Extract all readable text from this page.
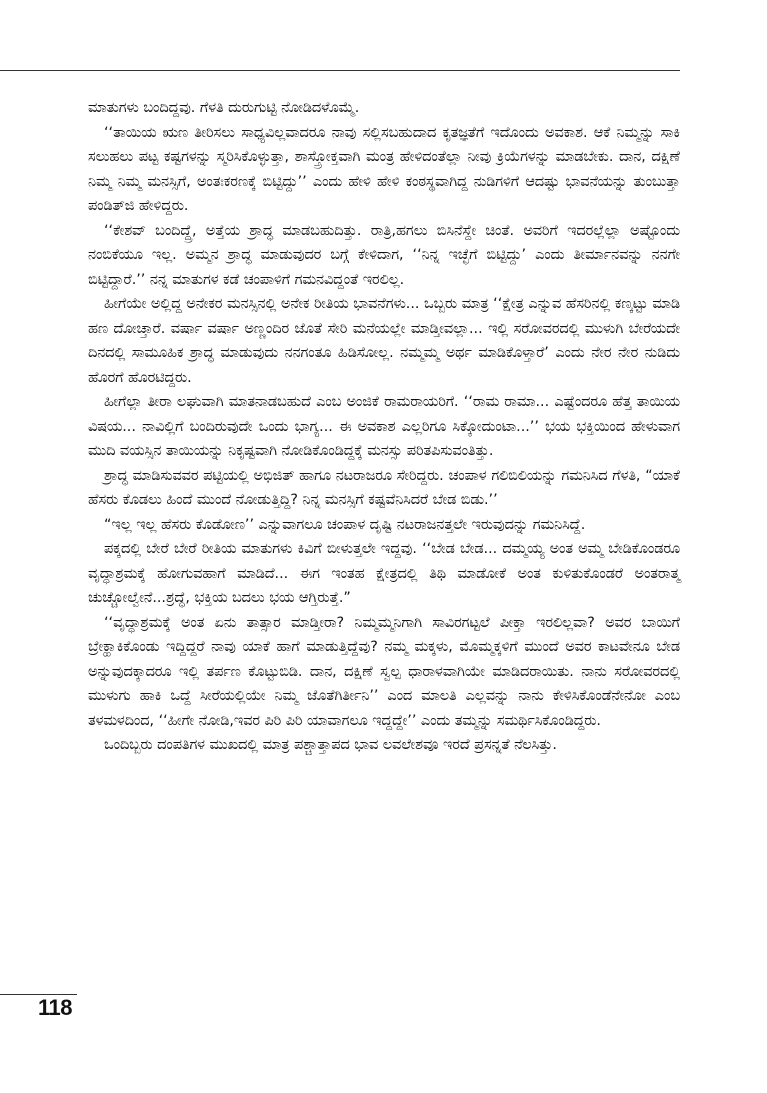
ಮಾತುಗಳು ಬಂದಿದ್ದವು. ಗೆಳತಿ ದುರುಗುಟ್ಟಿ ನೋಡಿದಳೊಮ್ಮೆ.

‘‘ತಾಯಿಯ ಋಣ ತೀರಿಸಲು ಸಾಧ್ಯವಿಲ್ಲವಾದರೂ ನಾವು ಸಲ್ಲಿಸಬಹುದಾದ ಕೃತಜ್ಞತೆಗೆ ಇದೊಂದು ಅವಕಾಶ. ಆಕೆ ನಿಮ್ಮನ್ನು ಸಾಕಿ ಸಲುಹಲು ಪಟ್ಟ ಕಷ್ಟಗಳನ್ನು ಸ್ಮರಿಸಿಕೊಳ್ಳುತ್ತಾ, ಶಾಸ್ತ್ರೋಕ್ತವಾಗಿ ಮಂತ್ರ ಹೇಳಿದಂತೆಲ್ಲಾ ನೀವು ಕ್ರಿಯೆಗಳನ್ನು ಮಾಡಬೇಕು. ದಾನ, ದಕ್ಷಿಣೆ ನಿಮ್ಮ ನಿಮ್ಮ ಮನಸ್ಸಿಗೆ, ಅಂತಃಕರಣಕ್ಕೆ ಬಿಟ್ಟಿದ್ದು’’ ಎಂದು ಹೇಳಿ ಹೇಳಿ ಕಂಠಸ್ಥವಾಗಿದ್ದ ನುಡಿಗಳಿಗೆ ಆದಷ್ಟು ಭಾವನೆಯನ್ನು ತುಂಬುತ್ತಾ ಪಂಡಿತ್‌ಜಿ ಹೇಳಿದ್ದರು.

‘‘ಕೇಶವ್ ಬಂದಿದ್ದ್ರೆ, ಅತ್ತೆಯ ಶ್ರಾದ್ಧ ಮಾಡಬಹುದಿತ್ತು. ರಾತ್ರಿ,ಹಗಲು ಬಿಸಿನೆಸ್ದೇ ಚಿಂತೆ. ಅವರಿಗೆ ಇದರಲ್ಲೆಲ್ಲಾ ಅಷ್ಟೊಂದು ನಂಬಿಕೆಯೂ ಇಲ್ಲ. ಅಮ್ಮನ ಶ್ರಾದ್ಧ ಮಾಡುವುದರ ಬಗ್ಗೆ ಕೇಳಿದಾಗ, ‘‘ನಿನ್ನ ಇಚ್ಛೆಗೆ ಬಿಟ್ಟಿದ್ದು’ ಎಂದು ತೀರ್ಮಾನವನ್ನು ನನಗೇ ಬಿಟ್ಟಿದ್ದಾರೆ.’’ ನನ್ನ ಮಾತುಗಳ ಕಡೆ ಚಂಪಾಳಿಗೆ ಗಮನವಿದ್ದಂತೆ ಇರಲಿಲ್ಲ.

ಹೀಗೆಯೇ ಅಲ್ಲಿದ್ದ ಅನೇಕರ ಮನಸ್ಸಿನಲ್ಲಿ ಅನೇಕ ರೀತಿಯ ಭಾವನೆಗಳು... ಒಬ್ಬರು ಮಾತ್ರ ‘‘ಕ್ಷೇತ್ರ ಎನ್ನುವ ಹೆಸರಿನಲ್ಲಿ ಕಣ್ಕಟ್ಟು ಮಾಡಿ ಹಣ ದೋಚ್ತಾರೆ. ವರ್ಷಾ ವರ್ಷಾ ಅಣ್ಣಂದಿರ ಜೊತೆ ಸೇರಿ ಮನೆಯಲ್ಲೇ ಮಾಡ್ತೀವಲ್ಲಾ... ಇಲ್ಲಿ ಸರೋವರದಲ್ಲಿ ಮುಳುಗಿ ಬೇರೆಯದೇ ದಿನದಲ್ಲಿ ಸಾಮೂಹಿಕ ಶ್ರಾದ್ಧ ಮಾಡುವುದು ನನಗಂತೂ ಹಿಡಿಸೋಲ್ಲ. ನಮ್ಮಮ್ಮ ಅರ್ಥ ಮಾಡಿಕೊಳ್ತಾರೆ’ ಎಂದು ನೇರ ನೇರ ನುಡಿದು ಹೊರಗೆ ಹೊರಟಿದ್ದರು.

ಹೀಗೆಲ್ಲಾ ತೀರಾ ಲಘುವಾಗಿ ಮಾತನಾಡಬಹುದೆ ಎಂಬ ಅಂಜಿಕೆ ರಾಮರಾಯರಿಗೆ. ‘‘ರಾಮ ರಾಮಾ... ಎಷ್ಟೆಂದರೂ ಹೆತ್ತ ತಾಯಿಯ ವಿಷಯ... ನಾವಿಲ್ಲಿಗೆ ಬಂದಿರುವುದೇ ಒಂದು ಭಾಗ್ಯ... ಈ ಅವಕಾಶ ಎಲ್ಲರಿಗೂ ಸಿಕ್ಕೋದುಂಟಾ...’’ ಭಯ ಭಕ್ತಿಯಿಂದ ಹೇಳುವಾಗ ಮುದಿ ವಯಸ್ಸಿನ ತಾಯಿಯನ್ನು ನಿಕೃಷ್ಟವಾಗಿ ನೋಡಿಕೊಂಡಿದ್ದಕ್ಕೆ ಮನಸ್ಸು ಪರಿತಪಿಸುವಂತಿತ್ತು.

ಶ್ರಾದ್ಧ ಮಾಡಿಸುವವರ ಪಟ್ಟಿಯಲ್ಲಿ ಅಭಿಜಿತ್ ಹಾಗೂ ನಟರಾಜರೂ ಸೇರಿದ್ದರು. ಚಂಪಾಳ ಗಲಿಬಿಲಿಯನ್ನು ಗಮನಿಸಿದ ಗೆಳತಿ, “ಯಾಕೆ ಹೆಸರು ಕೊಡಲು ಹಿಂದೆ ಮುಂದೆ ನೋಡುತ್ತಿದ್ದಿ? ನಿನ್ನ ಮನಸ್ಸಿಗೆ ಕಷ್ಟವೆನಿಸಿದರೆ ಬೇಡ ಬಿಡು.’’

“ಇಲ್ಲ ಇಲ್ಲ ಹೆಸರು ಕೊಡೋಣ’’ ಎನ್ನುವಾಗಲೂ ಚಂಪಾಳ ದೃಷ್ಟಿ ನಟರಾಜನತ್ತಲೇ ಇರುವುದನ್ನು ಗಮನಿಸಿದ್ದೆ.

ಪಕ್ಕದಲ್ಲಿ ಬೇರೆ ಬೇರೆ ರೀತಿಯ ಮಾತುಗಳು ಕಿವಿಗೆ ಬೀಳುತ್ತಲೇ ಇದ್ದವು. ‘‘ಬೇಡ ಬೇಡ... ದಮ್ಮಯ್ಯ ಅಂತ ಅಮ್ಮ ಬೇಡಿಕೊಂಡರೂ ವೃದ್ಧಾಶ್ರಮಕ್ಕೆ ಹೋಗುವಹಾಗೆ ಮಾಡಿದೆ... ಈಗ ಇಂತಹ ಕ್ಷೇತ್ರದಲ್ಲಿ ತಿಥಿ ಮಾಡೋಕೆ ಅಂತ ಕುಳಿತುಕೊಂಡರೆ ಅಂತರಾತ್ಮ ಚುಚ್ಚೋಲ್ವೇನೆ...ಶ್ರದ್ಧೆ, ಭಕ್ತಿಯ ಬದಲು ಭಯ ಆಗ್ತಿರುತ್ತೆ.”

‘‘ವೃದ್ಧಾಶ್ರಮಕ್ಕೆ ಅಂತ ಏನು ತಾತ್ಸಾರ ಮಾಡ್ತೀರಾ? ನಿಮ್ಮಮ್ಮನಿಗಾಗಿ ಸಾವಿರಗಟ್ಟಲೆ ಪೀಕ್ತಾ ಇರಲಿಲ್ಲವಾ? ಅವರ ಬಾಯಿಗೆ ಬ್ರೇಕ್ಹಾಕಿಕೊಂಡು ಇದ್ದಿದ್ದರೆ ನಾವು ಯಾಕೆ ಹಾಗೆ ಮಾಡುತ್ತಿದ್ದೆವು? ನಮ್ಮ ಮಕ್ಕಳು, ಮೊಮ್ಮಕ್ಕಳಿಗೆ ಮುಂದೆ ಅವರ ಕಾಟವೇನೂ ಬೇಡ ಅನ್ನುವುದಕ್ಕಾದರೂ ಇಲ್ಲಿ ತರ್ಪಣ ಕೊಟ್ಟುಬಿಡಿ. ದಾನ, ದಕ್ಷಿಣೆ ಸ್ವಲ್ಪ ಧಾರಾಳವಾಗಿಯೇ ಮಾಡಿದರಾಯಿತು. ನಾನು ಸರೋವರದಲ್ಲಿ ಮುಳುಗು ಹಾಕಿ ಒದ್ದೆ ಸೀರೆಯಲ್ಲಿಯೇ ನಿಮ್ಮ ಜೊತೆಗಿರ್ತೀನಿ’’ ಎಂದ ಮಾಲತಿ ಎಲ್ಲವನ್ನು ನಾನು ಕೇಳಿಸಿಕೊಂಡೆನೇನೋ ಎಂಬ ತಳಮಳದಿಂದ, ‘‘ಹೀಗೇ ನೋಡಿ,ಇವರ ಪಿರಿ ಪಿರಿ ಯಾವಾಗಲೂ ಇದ್ದದ್ದೇ’’ ಎಂದು ತಮ್ಮನ್ನು ಸಮರ್ಥಿಸಿಕೊಂಡಿದ್ದರು.

ಒಂದಿಬ್ಬರು ದಂಪತಿಗಳ ಮುಖದಲ್ಲಿ ಮಾತ್ರ ಪಶ್ಚಾತ್ತಾಪದ ಭಾವ ಲವಲೇಶವೂ ಇರದೆ ಪ್ರಸನ್ನತೆ ನೆಲಸಿತ್ತು.

118
